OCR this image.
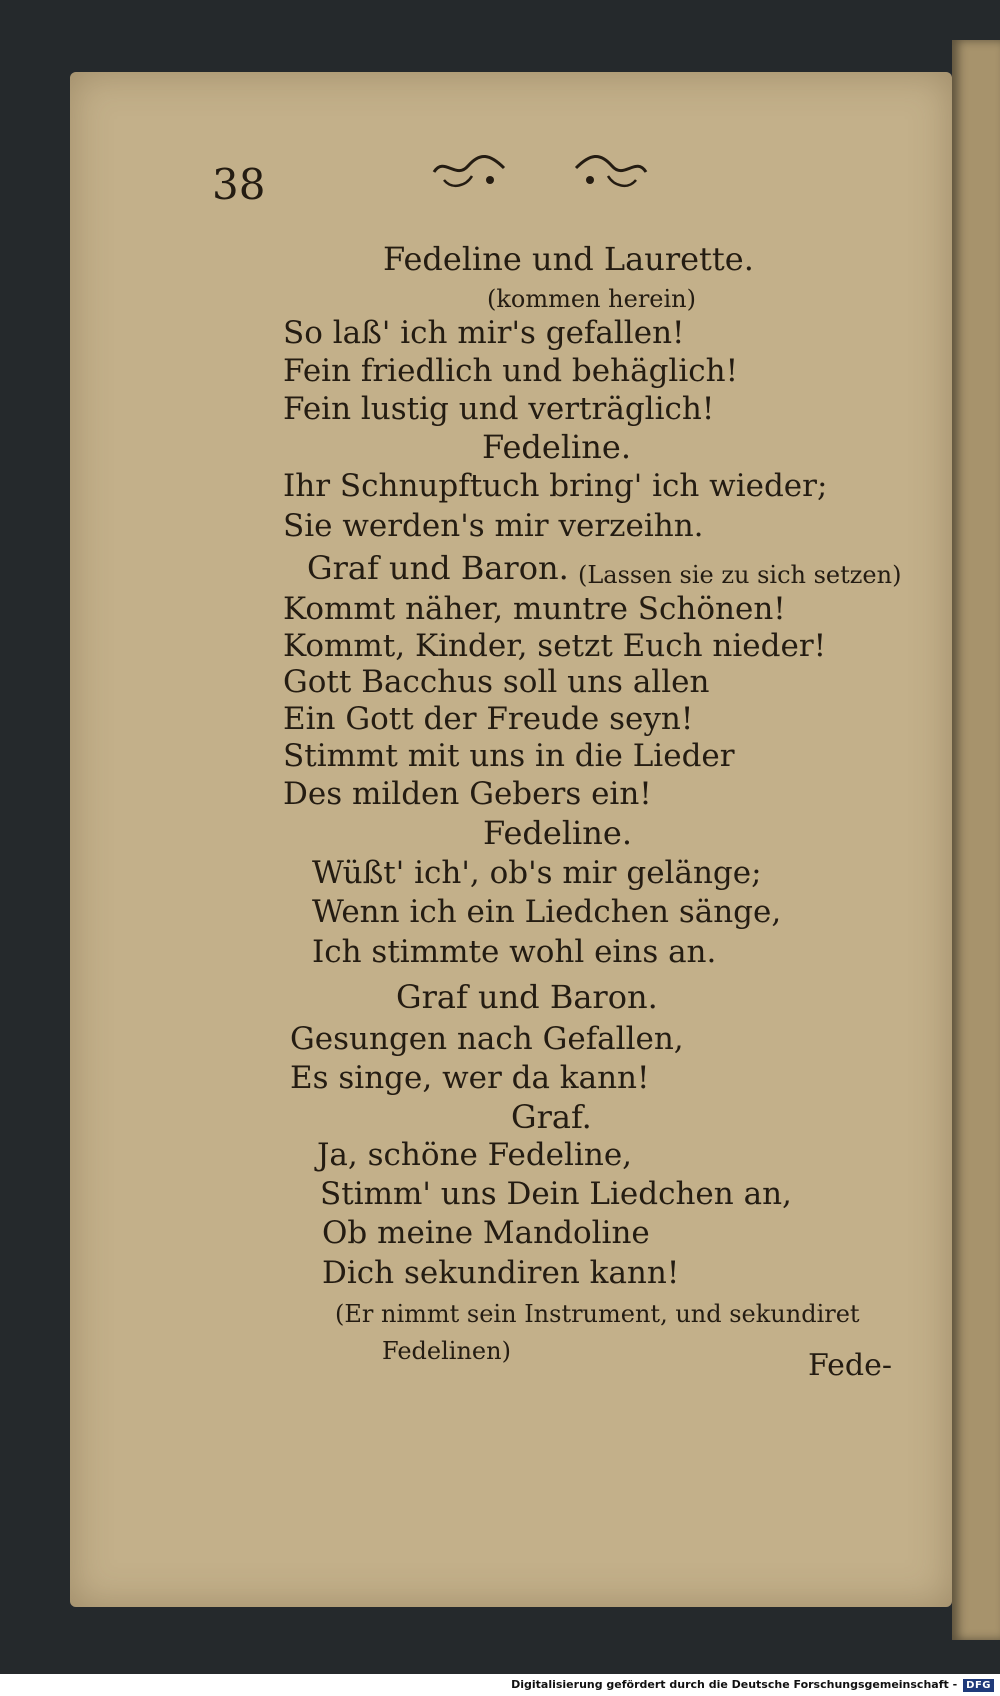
38
Fedeline und Laurette.
(kommen herein)
So laß' ich mir's gefallen!
Fein friedlich und behäglich!
Fein lustig und verträglich!
Fedeline.
Ihr Schnupftuch bring' ich wieder;
Sie werden's mir verzeihn.
Graf und Baron. (Lassen sie zu sich setzen)
Kommt näher, muntre Schönen!
Kommt, Kinder, setzt Euch nieder!
Gott Bacchus soll uns allen
Ein Gott der Freude seyn!
Stimmt mit uns in die Lieder
Des milden Gebers ein!
Fedeline.
Wüßt' ich', ob's mir gelänge;
Wenn ich ein Liedchen sänge,
Ich stimmte wohl eins an.
Graf und Baron.
Gesungen nach Gefallen,
Es singe, wer da kann!
Graf.
Ja, schöne Fedeline,
Stimm' uns Dein Liedchen an,
Ob meine Mandoline
Dich sekundiren kann!
(Er nimmt sein Instrument, und sekundiret
Fedelinen)	Fede-
Digitalisierung gefördert durch die Deutsche Forschungsgemeinschaft - DFG
